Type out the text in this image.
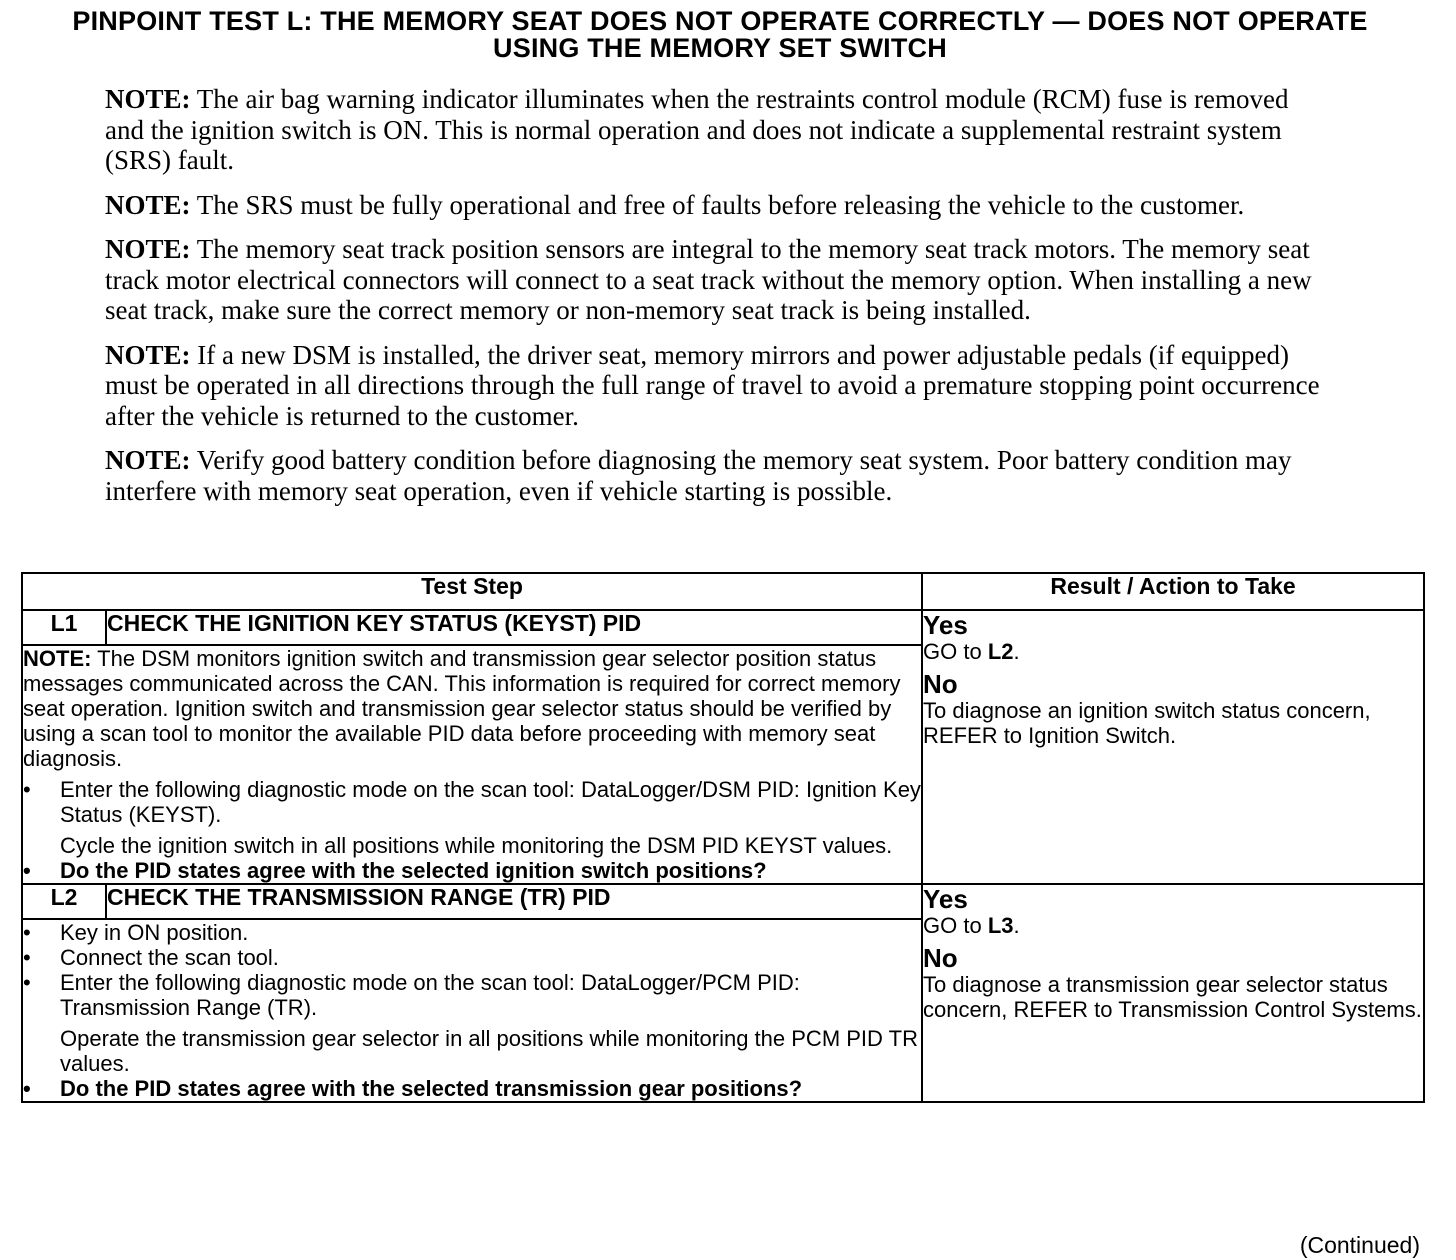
PINPOINT TEST L: THE MEMORY SEAT DOES NOT OPERATE CORRECTLY — DOES NOT OPERATE
USING THE MEMORY SET SWITCH

NOTE: The air bag warning indicator illuminates when the restraints control module (RCM) fuse is removed and the ignition switch is ON. This is normal operation and does not indicate a supplemental restraint system (SRS) fault.

NOTE: The SRS must be fully operational and free of faults before releasing the vehicle to the customer.

NOTE: The memory seat track position sensors are integral to the memory seat track motors. The memory seat track motor electrical connectors will connect to a seat track without the memory option. When installing a new seat track, make sure the correct memory or non-memory seat track is being installed.

NOTE: If a new DSM is installed, the driver seat, memory mirrors and power adjustable pedals (if equipped) must be operated in all directions through the full range of travel to avoid a premature stopping point occurrence after the vehicle is returned to the customer.

NOTE: Verify good battery condition before diagnosing the memory seat system. Poor battery condition may interfere with memory seat operation, even if vehicle starting is possible.

Test Step		Result / Action to Take
L1	CHECK THE IGNITION KEY STATUS (KEYST) PID	Yes
GO to L2.
No
To diagnose an ignition switch status concern, REFER to Ignition Switch.

NOTE: The DSM monitors ignition switch and transmission gear selector position status messages communicated across the CAN. This information is required for correct memory seat operation. Ignition switch and transmission gear selector status should be verified by using a scan tool to monitor the available PID data before proceeding with memory seat diagnosis.
• Enter the following diagnostic mode on the scan tool: DataLogger/DSM PID: Ignition Key Status (KEYST).
Cycle the ignition switch in all positions while monitoring the DSM PID KEYST values.
• Do the PID states agree with the selected ignition switch positions?

L2	CHECK THE TRANSMISSION RANGE (TR) PID	Yes
GO to L3.
No
To diagnose a transmission gear selector status concern, REFER to Transmission Control Systems.

• Key in ON position.
• Connect the scan tool.
• Enter the following diagnostic mode on the scan tool: DataLogger/PCM PID: Transmission Range (TR).
Operate the transmission gear selector in all positions while monitoring the PCM PID TR values.
• Do the PID states agree with the selected transmission gear positions?
(Continued)
